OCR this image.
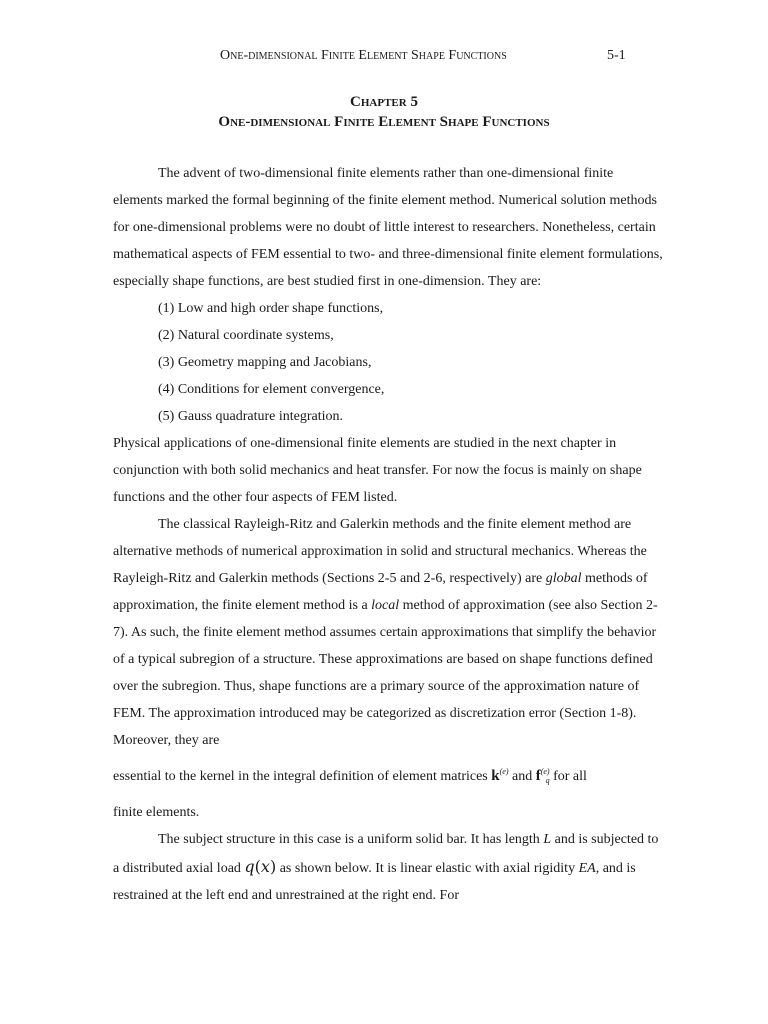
One-dimensional Finite Element Shape Functions	5-1
Chapter 5
One-dimensional Finite Element Shape Functions

The advent of two-dimensional finite elements rather than one-dimensional finite elements marked the formal beginning of the finite element method. Numerical solution methods for one-dimensional problems were no doubt of little interest to researchers. Nonetheless, certain mathematical aspects of FEM essential to two- and three-dimensional finite element formulations, especially shape functions, are best studied first in one-dimension. They are:

(1) Low and high order shape functions,
(2) Natural coordinate systems,
(3) Geometry mapping and Jacobians,
(4) Conditions for element convergence,
(5) Gauss quadrature integration.

Physical applications of one-dimensional finite elements are studied in the next chapter in conjunction with both solid mechanics and heat transfer. For now the focus is mainly on shape functions and the other four aspects of FEM listed.

The classical Rayleigh-Ritz and Galerkin methods and the finite element method are alternative methods of numerical approximation in solid and structural mechanics. Whereas the Rayleigh-Ritz and Galerkin methods (Sections 2-5 and 2-6, respectively) are global methods of approximation, the finite element method is a local method of approximation (see also Section 2-7). As such, the finite element method assumes certain approximations that simplify the behavior of a typical subregion of a structure. These approximations are based on shape functions defined over the subregion. Thus, shape functions are a primary source of the approximation nature of FEM. The approximation introduced may be categorized as discretization error (Section 1-8). Moreover, they are

essential to the kernel in the integral definition of element matrices $k^{(e)}$ and $f^{(e)}_q$ for all
finite elements.

The subject structure in this case is a uniform solid bar. It has length L and is subjected to a distributed axial load q(x) as shown below. It is linear elastic with axial rigidity EA, and is restrained at the left end and unrestrained at the right end. For
